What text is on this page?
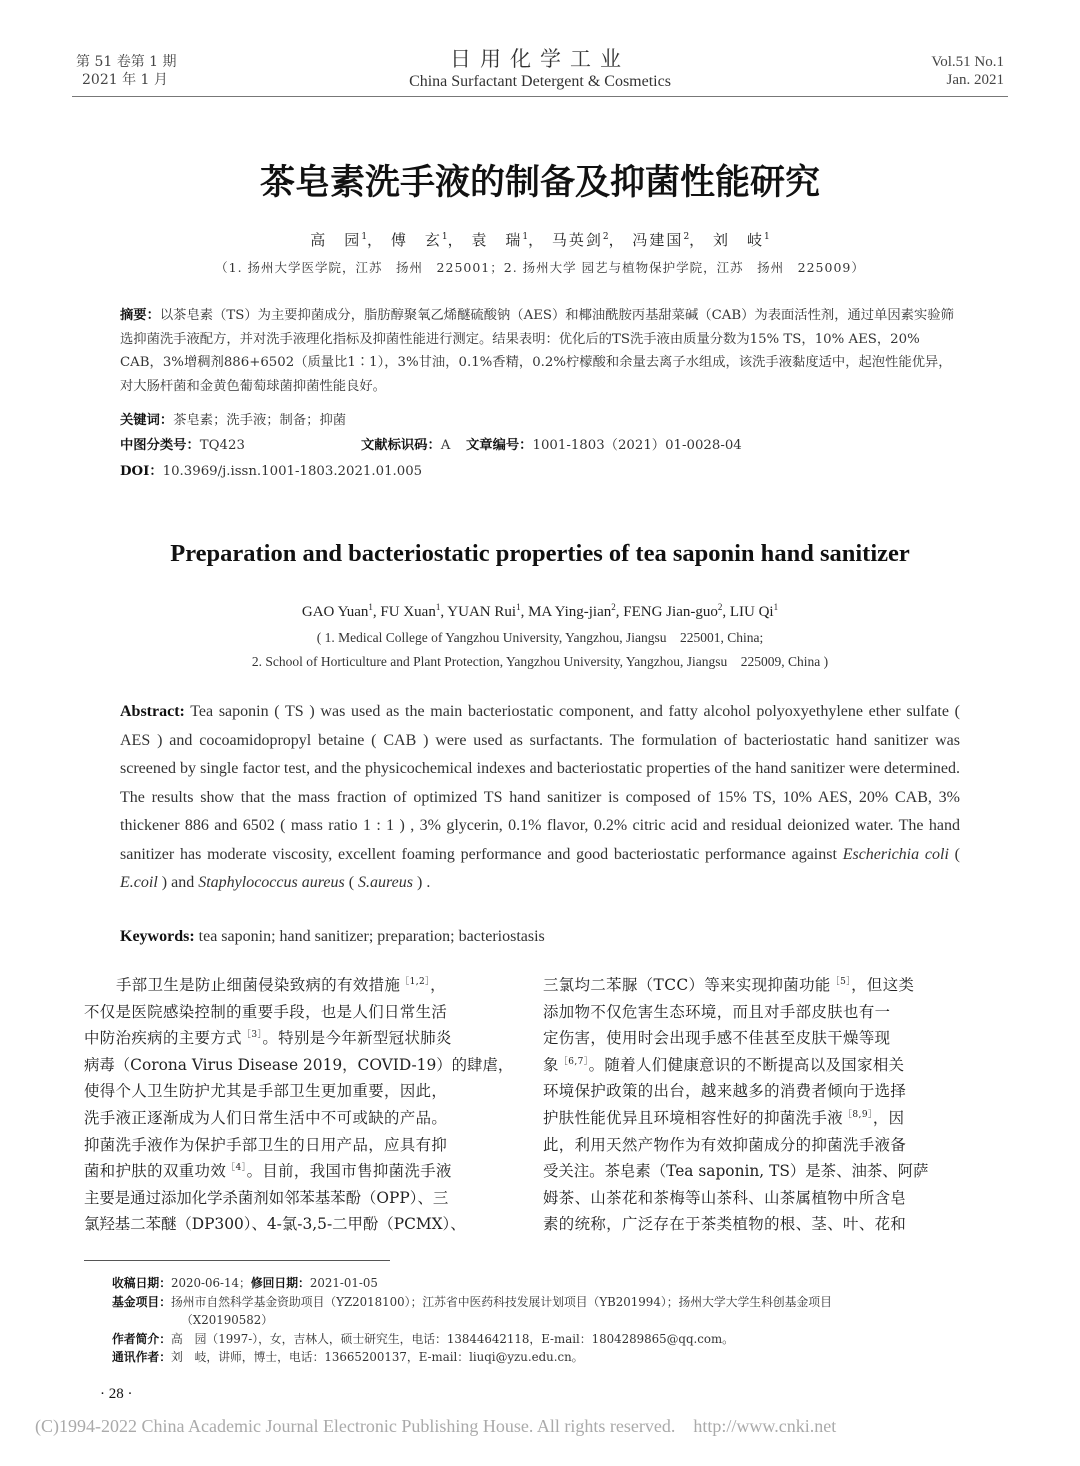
第 51 卷第 1 期
2021 年 1 月
日用化学工业
China Surfactant Detergent & Cosmetics
Vol.51 No.1
Jan. 2021
茶皂素洗手液的制备及抑菌性能研究
高　园$^1$， 傅　玄$^1$， 袁　瑞$^1$， 马英剑$^2$， 冯建国$^2$， 刘　岐$^1$
（1. 扬州大学医学院，江苏　扬州　225001；2. 扬州大学 园艺与植物保护学院，江苏　扬州　225009）
摘要：以茶皂素（TS）为主要抑菌成分，脂肪醇聚氧乙烯醚硫酸钠（AES）和椰油酰胺丙基甜菜碱（CAB）为表面活性剂，通过单因素实验筛选抑菌洗手液配方，并对洗手液理化指标及抑菌性能进行测定。结果表明：优化后的TS洗手液由质量分数为15% TS，10% AES，20% CAB，3%增稠剂886+6502（质量比1∶1），3%甘油，0.1%香精，0.2%柠檬酸和余量去离子水组成，该洗手液黏度适中，起泡性能优异，对大肠杆菌和金黄色葡萄球菌抑菌性能良好。
关键词：茶皂素；洗手液；制备；抑菌
中图分类号：TQ423	文献标识码：A 文章编号：1001-1803（2021）01-0028-04
DOI：10.3969/j.issn.1001-1803.2021.01.005
Preparation and bacteriostatic properties of tea saponin hand sanitizer
GAO Yuan$^1$, FU Xuan$^1$, YUAN Rui$^1$, MA Ying-jian$^2$, FENG Jian-guo$^2$, LIU Qi$^1$
( 1. Medical College of Yangzhou University, Yangzhou, Jiangsu　225001, China;
2. School of Horticulture and Plant Protection, Yangzhou University, Yangzhou, Jiangsu　225009, China )
Abstract: Tea saponin ( TS ) was used as the main bacteriostatic component, and fatty alcohol polyoxyethylene ether sulfate ( AES ) and cocoamidopropyl betaine ( CAB ) were used as surfactants. The formulation of bacteriostatic hand sanitizer was screened by single factor test, and the physicochemical indexes and bacteriostatic properties of the hand sanitizer were determined. The results show that the mass fraction of optimized TS hand sanitizer is composed of 15% TS, 10% AES, 20% CAB, 3% thickener 886 and 6502 ( mass ratio 1 : 1 ) , 3% glycerin, 0.1% flavor, 0.2% citric acid and residual deionized water. The hand sanitizer has moderate viscosity, excellent foaming performance and good bacteriostatic performance against Escherichia coli ( E.coil ) and Staphylococcus aureus ( S.aureus ) .
Keywords: tea saponin; hand sanitizer; preparation; bacteriostasis
手部卫生是防止细菌侵染致病的有效措施$^{[1,2]}$，
不仅是医院感染控制的重要手段，也是人们日常生活
中防治疾病的主要方式$^{[3]}$。特别是今年新型冠状肺炎
病毒（Corona Virus Disease 2019，COVID-19）的肆虐，
使得个人卫生防护尤其是手部卫生更加重要，因此，
洗手液正逐渐成为人们日常生活中不可或缺的产品。
抑菌洗手液作为保护手部卫生的日用产品，应具有抑
菌和护肤的双重功效$^{[4]}$。目前，我国市售抑菌洗手液
主要是通过添加化学杀菌剂如邻苯基苯酚（OPP）、三
氯羟基二苯醚（DP300）、4-氯-3,5-二甲酚（PCMX）、
三氯均二苯脲（TCC）等来实现抑菌功能$^{[5]}$，但这类
添加物不仅危害生态环境，而且对手部皮肤也有一
定伤害，使用时会出现手感不佳甚至皮肤干燥等现
象$^{[6,7]}$。随着人们健康意识的不断提高以及国家相关
环境保护政策的出台，越来越多的消费者倾向于选择
护肤性能优异且环境相容性好的抑菌洗手液$^{[8,9]}$，因
此，利用天然产物作为有效抑菌成分的抑菌洗手液备
受关注。茶皂素（Tea saponin, TS）是茶、油茶、阿萨
姆茶、山茶花和茶梅等山茶科、山茶属植物中所含皂
素的统称，广泛存在于茶类植物的根、茎、叶、花和
收稿日期：2020-06-14；修回日期：2021-01-05
基金项目：扬州市自然科学基金资助项目（YZ2018100）；江苏省中医药科技发展计划项目（YB201994）；扬州大学大学生科创基金项目
（X20190582）
作者简介：高　园（1997-），女，吉林人，硕士研究生，电话：13844642118，E-mail：1804289865@qq.com。
通讯作者：刘　岐，讲师，博士，电话：13665200137，E-mail：liuqi@yzu.edu.cn。
· 28 ·
(C)1994-2022 China Academic Journal Electronic Publishing House. All rights reserved.　http://www.cnki.net
